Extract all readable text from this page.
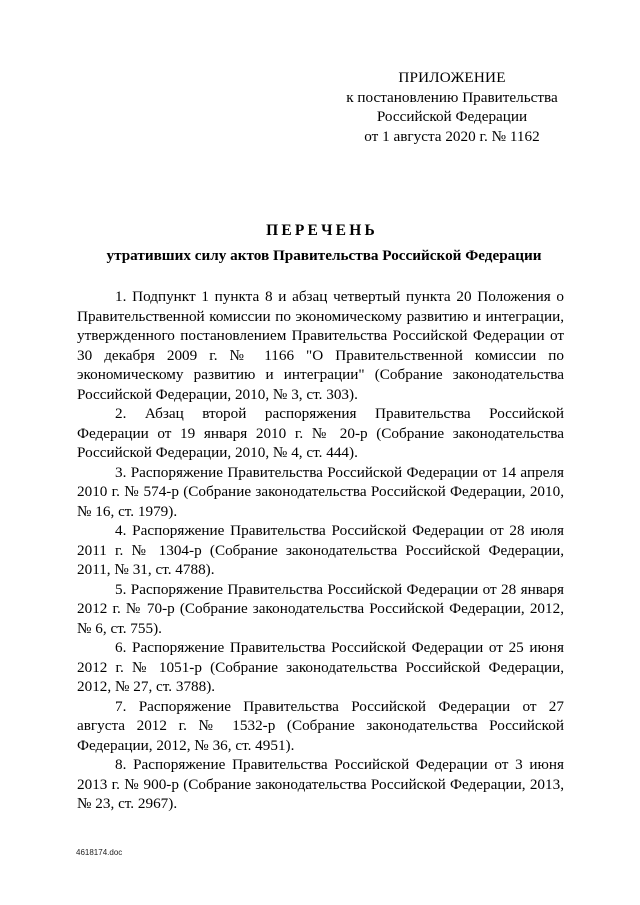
ПРИЛОЖЕНИЕ
к постановлению Правительства
Российской Федерации
от 1 августа 2020 г. № 1162
ПЕРЕЧЕНЬ
утративших силу актов Правительства Российской Федерации

1. Подпункт 1 пункта 8 и абзац четвертый пункта 20 Положения о Правительственной комиссии по экономическому развитию и интеграции, утвержденного постановлением Правительства Российской Федерации от 30 декабря 2009 г. № 1166 "О Правительственной комиссии по экономическому развитию и интеграции" (Собрание законодательства Российской Федерации, 2010, № 3, ст. 303).

2. Абзац второй распоряжения Правительства Российской Федерации от 19 января 2010 г. № 20-р (Собрание законодательства Российской Федерации, 2010, № 4, ст. 444).

3. Распоряжение Правительства Российской Федерации от 14 апреля 2010 г. № 574-р (Собрание законодательства Российской Федерации, 2010, № 16, ст. 1979).

4. Распоряжение Правительства Российской Федерации от 28 июля 2011 г. № 1304-р (Собрание законодательства Российской Федерации, 2011, № 31, ст. 4788).

5. Распоряжение Правительства Российской Федерации от 28 января 2012 г. № 70-р (Собрание законодательства Российской Федерации, 2012, № 6, ст. 755).

6. Распоряжение Правительства Российской Федерации от 25 июня 2012 г. № 1051-р (Собрание законодательства Российской Федерации, 2012, № 27, ст. 3788).

7. Распоряжение Правительства Российской Федерации от 27 августа 2012 г. № 1532-р (Собрание законодательства Российской Федерации, 2012, № 36, ст. 4951).

8. Распоряжение Правительства Российской Федерации от 3 июня 2013 г. № 900-р (Собрание законодательства Российской Федерации, 2013, № 23, ст. 2967).

4618174.doc
